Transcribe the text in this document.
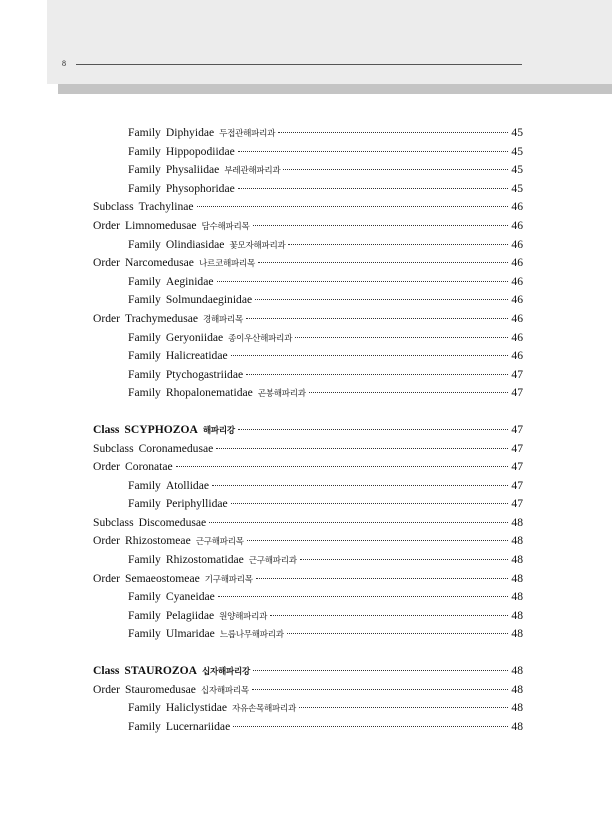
8
Family Diphyidae 두접관해파리과	45
Family Hippopodiidae	45
Family Physaliidae 부레관해파리과	45
Family Physophoridae	45
Subclass Trachylinae	46
Order Limnomedusae 담수해파리목	46
Family Olindiasidae 꽃모자해파리과	46
Order Narcomedusae 나르코해파리목	46
Family Aeginidae	46
Family Solmundaeginidae	46
Order Trachymedusae 경해파리목	46
Family Geryoniidae 종이우산해파리과	46
Family Halicreatidae	46
Family Ptychogastriidae	47
Family Rhopalonematidae 곤봉해파리과	47
Class SCYPHOZOA 해파리강	47
Subclass Coronamedusae	47
Order Coronatae	47
Family Atollidae	47
Family Periphyllidae	47
Subclass Discomedusae	48
Order Rhizostomeae 근구해파리목	48
Family Rhizostomatidae 근구해파리과	48
Order Semaeostomeae 기구해파리목	48
Family Cyaneidae	48
Family Pelagiidae 원양해파리과	48
Family Ulmaridae 느릅나무해파리과	48
Class STAUROZOA 십자해파리강	48
Order Stauromedusae 십자해파리목	48
Family Haliclystidae 자유손목해파리과	48
Family Lucernariidae	48
